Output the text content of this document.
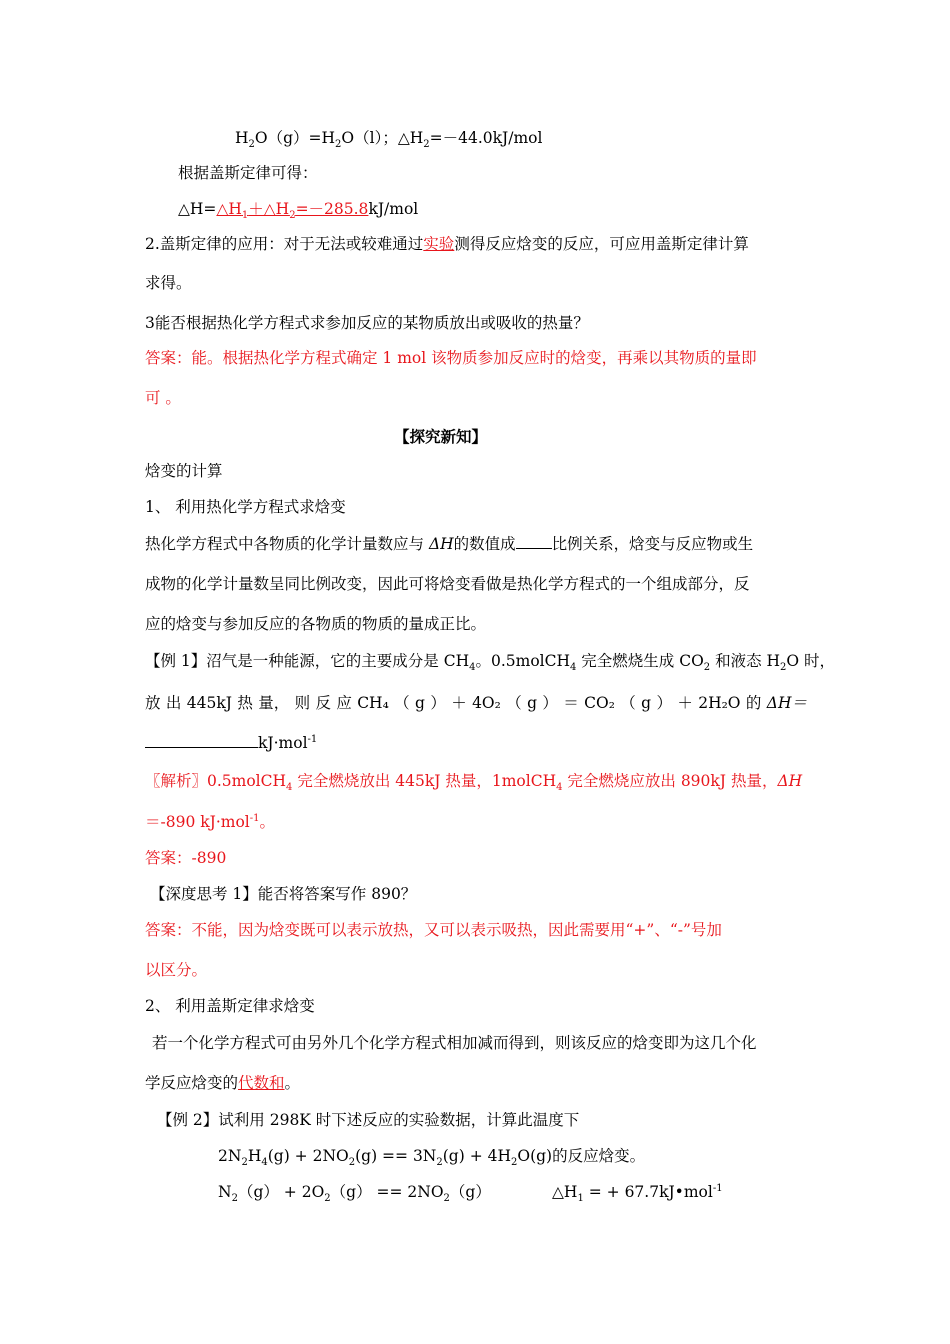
$H_2O(g)=H_2O(l)$；$\triangle H_2=-44.0kJ$/mol
根据盖斯定律可得：
$\triangle H=\triangle H_1+\triangle H_2=-285.8kJ$/mol
2.盖斯定律的应用：对于无法或较难通过实验测得反应焓变的反应，可应用盖斯定律计算
求得。
3能否根据热化学方程式求参加反应的某物质放出或吸收的热量？
答案：能。根据热化学方程式确定 1 mol 该物质参加反应时的焓变，再乘以其物质的量即
可 。
【探究新知】
焓变的计算
1、 利用热化学方程式求焓变
热化学方程式中各物质的化学计量数应与 ΔH的数值成 比例关系，焓变与反应物或生
成物的化学计量数呈同比例改变，因此可将焓变看做是热化学方程式的一个组成部分，反
应的焓变与参加反应的各物质的物质的量成正比。
【例 1】沼气是一种能源，它的主要成分是 $CH_4$。0.5molCH$_4$ 完全燃烧生成 $CO_2$ 和液态 $H_2O$ 时，
放 出 445kJ 热 量， 则 反 应 CH₄ （ g ） ＋ 4O₂ （ g ） ＝ CO₂ （ g ） ＋ 2H₂O 的 ΔH＝
kJ·mol$^{-1}$
〖解析〗0.5molCH$_4$ 完全燃烧放出 445kJ 热量，1molCH$_4$ 完全燃烧应放出 890kJ 热量，ΔH
＝-890 kJ·mol$^{-1}$。
答案：-890
【深度思考 1】能否将答案写作 890？
答案：不能，因为焓变既可以表示放热，又可以表示吸热，因此需要用“+”、“-”号加
以区分。
2、 利用盖斯定律求焓变
若一个化学方程式可由另外几个化学方程式相加减而得到，则该反应的焓变即为这几个化
学反应焓变的代数和。
【例 2】试利用 298K 时下述反应的实验数据，计算此温度下
$2N_2H_4(g) + 2NO_2(g) == 3N_2(g) + 4H_2O(g)$的反应焓变。
$N_2(g) + 2O_2(g) == 2NO_2(g)$	$\triangle H_1$ = + 67.7kJ•mol$^{-1}$
